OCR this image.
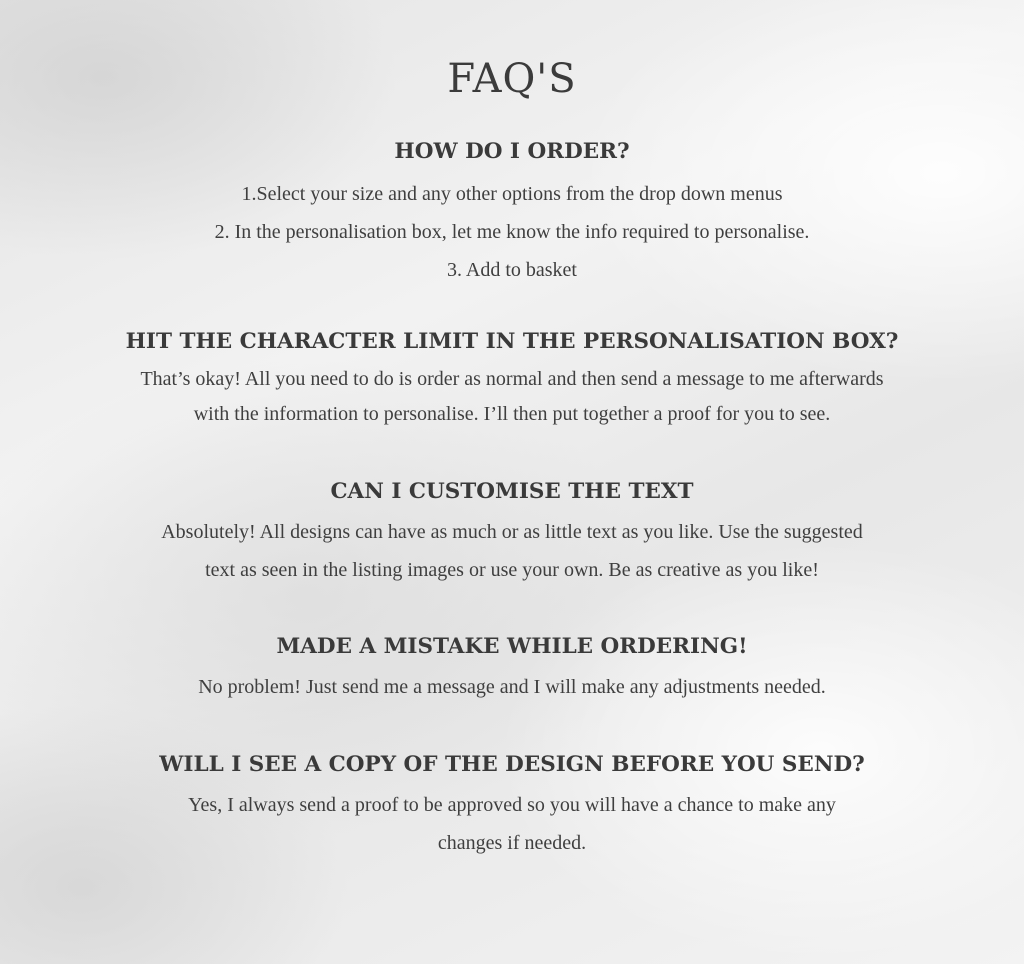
FAQ'S
HOW DO I ORDER?

1.Select your size and any other options from the drop down menus

2. In the personalisation box, let me know the info required to personalise.

3. Add to basket

HIT THE CHARACTER LIMIT IN THE PERSONALISATION BOX?

That’s okay! All you need to do is order as normal and then send a message to me afterwards

with the information to personalise. I’ll then put together a proof for you to see.

CAN I CUSTOMISE THE TEXT

Absolutely! All designs can have as much or as little text as you like. Use the suggested

text as seen in the listing images or use your own. Be as creative as you like!

MADE A MISTAKE WHILE ORDERING!

No problem! Just send me a message and I will make any adjustments needed.

WILL I SEE A COPY OF THE DESIGN BEFORE YOU SEND?

Yes, I always send a proof to be approved so you will have a chance to make any

changes if needed.
